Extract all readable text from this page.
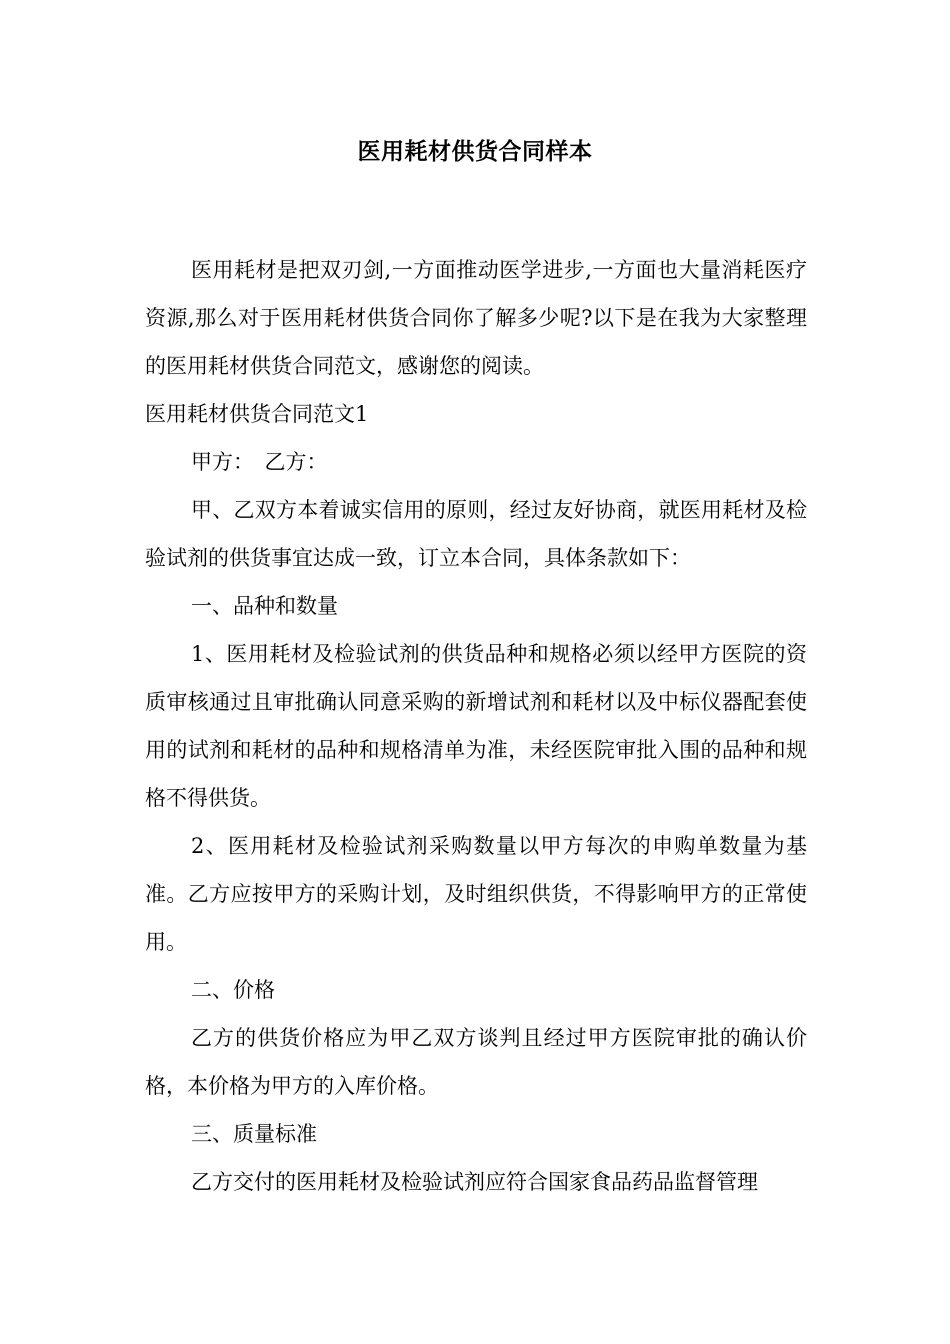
医用耗材供货合同样本

医用耗材是把双刃剑,一方面推动医学进步,一方面也大量消耗医疗资源,那么对于医用耗材供货合同你了解多少呢?以下是在我为大家整理的医用耗材供货合同范文，感谢您的阅读。

医用耗材供货合同范文1

甲方：　乙方：

甲、乙双方本着诚实信用的原则，经过友好协商，就医用耗材及检验试剂的供货事宜达成一致，订立本合同，具体条款如下：

一、品种和数量

1、医用耗材及检验试剂的供货品种和规格必须以经甲方医院的资质审核通过且审批确认同意采购的新增试剂和耗材以及中标仪器配套使用的试剂和耗材的品种和规格清单为准，未经医院审批入围的品种和规格不得供货。

2、医用耗材及检验试剂采购数量以甲方每次的申购单数量为基准。乙方应按甲方的采购计划，及时组织供货，不得影响甲方的正常使用。

二、价格

乙方的供货价格应为甲乙双方谈判且经过甲方医院审批的确认价格，本价格为甲方的入库价格。

三、质量标准

乙方交付的医用耗材及检验试剂应符合国家食品药品监督管理
